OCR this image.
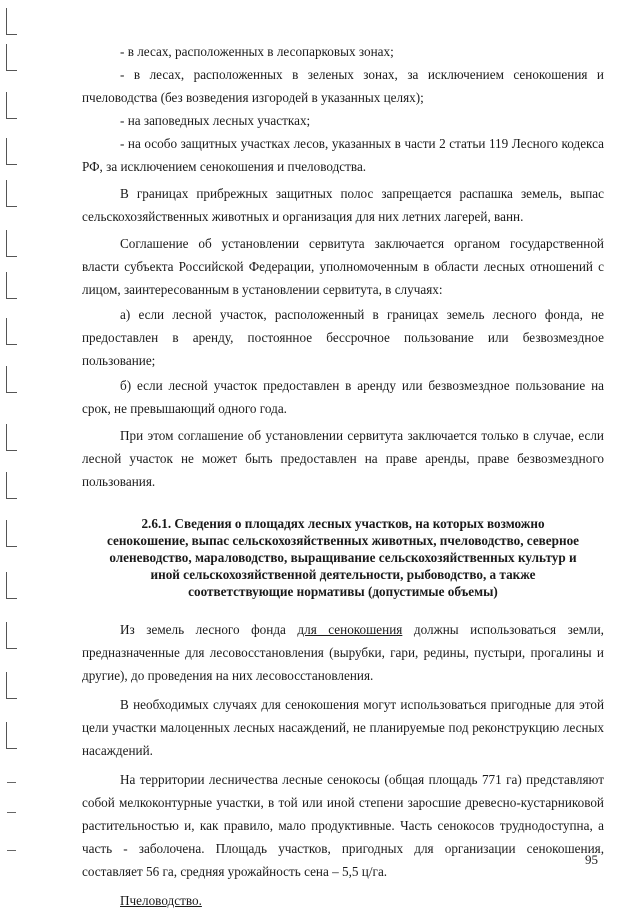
- в лесах, расположенных в лесопарковых зонах;

- в лесах, расположенных в зеленых зонах, за исключением сенокошения и пчеловодства (без возведения изгородей в указанных целях);

- на заповедных лесных участках;

- на особо защитных участках лесов, указанных в части 2 статьи 119 Лесного кодекса РФ, за исключением сенокошения и пчеловодства.

В границах прибрежных защитных полос запрещается распашка земель, выпас сельскохозяйственных животных и организация для них летних лагерей, ванн.

Соглашение об установлении сервитута заключается органом государственной власти субъекта Российской Федерации, уполномоченным в области лесных отношений с лицом, заинтересованным в установлении сервитута, в случаях:

а) если лесной участок, расположенный в границах земель лесного фонда, не предоставлен в аренду, постоянное бессрочное пользование или безвозмездное пользование;

б) если лесной участок предоставлен в аренду или безвозмездное пользование на срок, не превышающий одного года.

При этом соглашение об установлении сервитута заключается только в случае, если лесной участок не может быть предоставлен на праве аренды, праве безвозмездного пользования.

2.6.1. Сведения о площадях лесных участков, на которых возможно сенокошение, выпас сельскохозяйственных животных, пчеловодство, северное оленеводство, мараловодство, выращивание сельскохозяйственных культур и иной сельскохозяйственной деятельности, рыбоводство, а также соответствующие нормативы (допустимые объемы)

Из земель лесного фонда для сенокошения должны использоваться земли, предназначенные для лесовосстановления (вырубки, гари, редины, пустыри, прогалины и другие), до проведения на них лесовосстановления.

В необходимых случаях для сенокошения могут использоваться пригодные для этой цели участки малоценных лесных насаждений, не планируемые под реконструкцию лесных насаждений.

На территории лесничества лесные сенокосы (общая площадь 771 га) представляют собой мелкоконтурные участки, в той или иной степени заросшие древесно-кустарниковой растительностью и, как правило, мало продуктивные. Часть сенокосов труднодоступна, а часть - заболочена. Площадь участков, пригодных для организации сенокошения, составляет 56 га, средняя урожайность сена – 5,5 ц/га.

Пчеловодство.

95
